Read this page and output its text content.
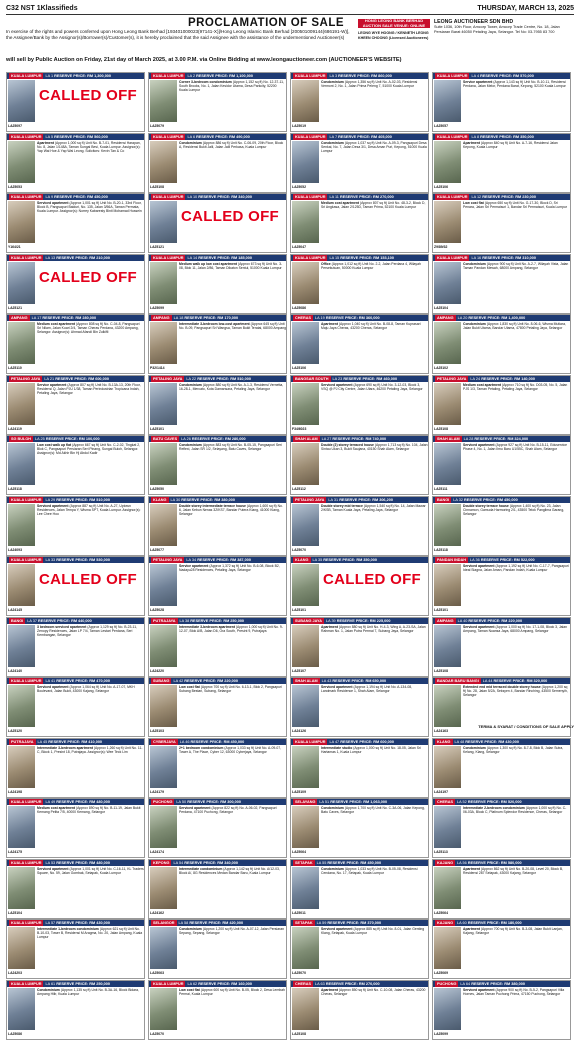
C32 NST 1Klassifieds	THURSDAY, MARCH 13, 2025
PROCLAMATION OF SALE	HONG LEONG BANK BERHAD AUCTION SALE VENUE: ONLINE
In exercise of the rights and powers conferred upon Hong Leong Bank Berhad [193401000023(97141-X)]/Hong Leong Islamic Bank Berhad [200501009144(686191-W)], the Assignee/Bank by the Assignor(s)/Borrower(s)/Customer(s), it is hereby proclaimed that the said Assignee with the assistance of the undermentioned Auctioneer(s)
LEONG WYE HOONG / KENNETH LEONG KHEEN CHOONG (Licensed Auctioneers)
LEONG AUCTIONEER SDN BHD
Suite 1036, 10th Floor, Amcorp Tower, Amcorp Trade Centre, No. 18, Jalan Persiaran Barat 46050 Petaling Jaya, Selangor. Tel No: 03-7955 83 700
will sell by Public Auction on Friday, 21st day of March 2025, at 3.00 P.M. via Online Bidding at www.leongauctioneer.com (AUCTIONEER'S WEBSITE)
KUALA LUMPUR LA 1 RESERVE PRICE: RM 1,300,000
LA25097
CALLED OFF
KUALA LUMPUR LA 5 RESERVE PRICE: RM 560,000
LA25053
Apartment (Approx 1,000 sq ft) Unit No. B-7-01, Residensi Harapan, No. 8, Jalan 1/148A, Taman Sungai Besi, Kuala Lumpur. Assignor(s): Yap Wai Hoe & Yap Wai Leong. Solicitors: Kevin Tan & Co
KUALA LUMPUR LA 9 RESERVE PRICE: RM 450,000
Y164/21
Serviced apartment (Approx 1,001 sq ft) Unit No. B-20-1, 33rd Floor, Block B, Pangsapuri Baiduri, No. 135, Jalan 3/56A, Taman Permata, Kuala Lumpur. Assignor(s): Norrey Kabaresty Binti Mohamad Hussein
KUALA LUMPUR LA 13 RESERVE PRICE: RM 210,000
LA25121
CALLED OFF
AMPANG LA 17 RESERVE PRICE: RM 280,000
LA25110
Medium cost apartment (Approx 808 sq ft) No. C-04-8, Pangsapuri Sri Nilam, Jalan Kuari 2/4, Taman Cheras Perdana, 43200 Ampang, Selangor. Assignor(s): Ahmad Afandi Bin Zulkifli
PETALING JAYA LA 21 RESERVE PRICE: RM 600,000
LA24119
Service apartment (Approx 807 sq ft) Unit No. B-13A-13, 20th Floor, Residensi Q, Jalan PJU 1/38, Taman Perindustrian Tropicana Indah, Petaling Jaya, Selangor
SG BULOH LA 25 RESERVE PRICE: RM 100,000
LA25118
Low cost walk up flat (Approx 667 sq ft) Unit No. C-2-02, Tingkat 2, Blok C, Pangsapuri Persiaran Seri Pinang, Sungai Buloh, Selangor. Assignor(s): Md Akhir Bin Hj Abdul Kadir
KUALA LUMPUR LA 29 RESERVE PRICE: RM 510,000
LA24093
Serviced apartment (Approx 887 sq ft) Unit No. A-27, Uptown Residences, Jalan Tempa Y, Wisma SPT, Kuala Lumpur. Assignor(s): Lee Chee Hoo
KUALA LUMPUR LA 33 RESERVE PRICE: RM 530,000
LA24145
CALLED OFF
BANGI LA 37 RESERVE PRICE: RM 440,000
LA24140
3 bedroom serviced apartment (Approx 1,129 sq ft) No. B-23-11, Zenopy Residences, Jalan LP 7/4, Taman Lestari Perdana, Seri Kembangan, Selangor
KUALA LUMPUR LA 41 RESERVE PRICE: RM 470,000
LA25120
Serviced apartment (Approx 1,064 sq ft) Unit No. A-17-07, MKH Boulevard, Jalan Bukit, 43000 Kajang, Selangor
PUTRAJAYA LA 45 RESERVE PRICE: RM 410,000
LA24198
Intermediate 3-bedroom apartment (Approx 1,260 sq ft) Unit No. 11-C, Block 1, Presint 18, Putrajaya. Assignor(s): Wee Teck Lim
KUALA LUMPUR LA 49 RESERVE PRICE: RM 480,000
LA24175
Medium cost apartment (Approx 890 sq ft) No. B-11-19, Jalan Bukit Kemang Pelita 7/5, 40000 Kemang, Selangor
KUALA LUMPUR LA 53 RESERVE PRICE: RM 480,000
LA25104
Serviced apartment (Approx 1,001 sq ft) Unit No. C-16-11, KL Traders Square, No. 59, Jalan Gombak, Setapak, Kuala Lumpur
KUALA LUMPUR LA 57 RESERVE PRICE: RM 430,000
LA24203
Intermediate 1-bedroom condominium (Approx 621 sq ft) Unit No. B-10-03, Tower B, Residensi M Aragma, No. 20, Jalan Ampang, Kuala Lumpur
KUALA LUMPUR LA 61 RESERVE PRICE: RM 250,000
LA25086
Condominium (Approx 1,135 sq ft) Unit No. B-3A-16, Block Bidara, Ampang Hilir, Kuala Lumpur
KUALA LUMPUR LA 2 RESERVE PRICE: RM 1,100,000
LA25079
Corner 3-bedroom condominium (Approx 1,152 sq ft) No. 12-37-11, South Brooks, No. 1, Jalan Kesidor Utama, Desa Parkcity, 52200 Kuala Lumpur
KUALA LUMPUR LA 6 RESERVE PRICE: RM 490,000
LA25108
Condominium (Approx 886 sq ft) Unit No. C-06-09, 20th Floor, Block A, Residensi Bukit Jalil, Jalan Jalil Perkasa, Kuala Lumpur
KUALA LUMPUR LA 10 RESERVE PRICE: RM 340,000
LA25121
CALLED OFF
KUALA LUMPUR LA 14 RESERVE PRICE: RM 185,000
LA25099
Medium walk up low cost apartment (Approx 673 sq ft) Unit No. 3-08, Blok 11, Jalan 2/86, Taman Dikaton Sentul, 51000 Kuala Lumpur
AMPANG LA 18 RESERVE PRICE: RM 170,000
P32/1414
Intermediate 3-bedroom low-cost apartment (Approx 645 sq ft) Unit No. B-09, Pangsapuri Sri Wangsa, Taman Bukit Teratai, 68000 Ampang
PETALING JAYA LA 22 RESERVE PRICE: RM 510,000
LA25101
Condominium (Approx 880 sq ft) Unit No. A-1-3, Residensi Vernetta, 16-28-1, Mercato, Kota Damansara, Petaling Jaya, Selangor
BATU CAVES LA 26 RESERVE PRICE: RM 280,000
LA25050
Condominium (Approx 883 sq ft) Unit No. B-05-15, Pangsapuri Seri Reflexi, Jalan SR 1/2, Selayang, Batu Caves, Selangor
KLANG LA 30 RESERVE PRICE: RM 380,000
LA25077
Double storey intermediate terrace house (Approx 1,600 sq ft) No. 6, Jalan Kebun Nenas 3Z/KS7, Bandar Putera Klang, 41000 Klang, Selangor
PETALING JAYA LA 34 RESERVE PRICE: RM 387,000
LA25028
Service apartment (Approx 1,372 sq ft) Unit No. B-6-08, Block B2, Nadayu28 Residences, Petaling Jaya, Selangor
PUTRAJAYA LA 38 RESERVE PRICE: RM 250,000
LA24220
Intermediate 3-bedroom apartment (Approx 1,000 sq ft) Unit No. 9-12-07, Blok A/B, Jalan D6, Ora South, Presint 9, Putrajaya
SUBANG LA 42 RESERVE PRICE: RM 220,000
LA25103
Low cost flat (Approx 700 sq ft) Unit No. 6-13-1, Blok 2, Pangsapuri Subang Bestari, Subang, Selangor
CYBERJAYA LA 46 RESERVE PRICE: RM 450,000
LA24179
2+1 bedroom condominium (Approx 1,033 sq ft) Unit No. A-09-07, Tower A, The Place, Cyber 12, 63000 Cyberjaya, Selangor
PUCHONG LA 50 RESERVE PRICE: RM 300,000
LA24174
Serviced apartment (Approx 822 sq ft) No. A-06-02, Pangsapuri Perdana, 47100 Puchong, Selangor
KEPONG LA 54 RESERVE PRICE: RM 340,000
LA24162
Intermediate condominium (Approx 1,142 sq ft) Unit No. A/12-03, Block A/, 8G Residences Medan Bandar Baru, Kuala Lumpur
SELANGOR LA 58 RESERVE PRICE: RM 420,000
LA25063
Condominium (Approx 1,200 sq ft) Unit No. A-07-12, Jalan Persiaran Sepang, Sepang, Selangor
KUALA LUMPUR LA 62 RESERVE PRICE: RM 160,000
LA25070
Low cost flat (Approx 600 sq ft) Unit No. B-05, Block 2, Desa Lembah Permai, Kuala Lumpur
KUALA LUMPUR LA 3 RESERVE PRICE: RM 860,000
LA25019
Condominium (Approx 1,356 sq ft) Unit No. A-02-03, Residensi Vermont 2, No. 1, Jalan Prima Peleng 7, 51000 Kuala Lumpur
KUALA LUMPUR LA 7 RESERVE PRICE: RM 405,000
LA25052
Condominium (Approx 1,037 sq ft) Unit No. A-09-3, Pangsapuri Desa Senkai, No. 7, Jalan Desa 3/1, Desa Aman Puri, Kepong, 51000 Kuala Lumpur
KUALA LUMPUR LA 11 RESERVE PRICE: RM 270,000
LA25047
Medium cost apartment (Approx 807 sq ft) Unit No. 48-3-2, Block D, Sri Angkasa, Jalan 2/125D, Taman Prima, 52100 Kuala Lumpur
KUALA LUMPUR LA 15 RESERVE PRICE: RM 153,100
LA25086
Office (Approx 1,012 sq ft) Unit No. 2-2, Jalan Perdana 4, Wilayah Persekutuan, 50000 Kuala Lumpur
CHERAS LA 19 RESERVE PRICE: RM 360,000
LA25106
Apartment (Approx 1,040 sq ft) Unit No. B-08-8, Taman Kuprasari Maju Jaya Cheras, 43200 Cheras, Selangor
BANGSAR SOUTH LA 23 RESERVE PRICE: RM 460,000
F34/6023
Serviced apartment (Approx 690 sq ft) Unit No. 3-12-03, Block 3, VSQ @ PJ City Centre, Jalan Utara, 46200 Petaling Jaya, Selangor
SHAH ALAM LA 27 RESERVE PRICE: RM 740,000
LA25112
Double (2) storey terraced house (Approx 1,713 sq ft) No. 104, Jalan Sintau Ukan 3, Bukit Saujana, 40150 Shah Alam, Selangor
PETALING JAYA LA 31 RESERVE PRICE: RM 306,200
LA25070
Double storey mid terrace (Approx 1,540 sq ft) No. 14, Jalan Mawar 2/KSB, Taman Kuala Jaya, Petaling Jaya, Selangor
KLANG LA 35 RESERVE PRICE: RM 350,000
LA25101
CALLED OFF
SUBANG JAYA LA 39 RESERVE PRICE: RM 225,000
LA25107
Apartment (Approx 880 sq ft) Unit No. H-4-3, Wing A, A-23-SA, Jalan Rahman No. 1, Jalan Putra Permai 7, Subang Jaya, Selangor
SHAH ALAM LA 43 RESERVE PRICE: RM 650,000
LA24126
Serviced apartment (Approx 1,194 sq ft) Unit No. A-134-08, Landmark Residence 1, Shah Alam, Selangor
KUALA LUMPUR LA 47 RESERVE PRICE: RM 600,000
LA25109
Intermediate studio (Approx 1,000 sq ft) Unit No. 18-05, Jalan Sri Hartamas 1, Kuala Lumpur
SELAYANG LA 51 RESERVE PRICE: RM 1,063,000
LA25064
Condominium (Approx 1,700 sq ft) Unit No. C-3A-06, Jalan Kepong, Batu Caves, Selangor
SETAPAK LA 55 RESERVE PRICE: RM 450,000
LA25011
Condominium (Approx 1,033 sq ft) Unit No. B-05-08, Residensi Cendana, No. 17, Setapak, Kuala Lumpur
SETAPAK LA 59 RESERVE PRICE: RM 370,000
LA25070
Serviced apartment (Approx 885 sq ft) Unit No. 8-01, Jalan Genting Klang, Setapak, Kuala Lumpur
CHERAS LA 63 RESERVE PRICE: RM 270,000
LA25108
Apartment (Approx 850 sq ft) Unit No. C-10-08, Jalan Cheras, 43200 Cheras, Selangor
KUALA LUMPUR LA 4 RESERVE PRICE: RM 570,000
LA25057
Service apartment (Approx 1,143 sq ft) Unit No. B-10-11, Residensi Perdana, Jalan Melor, Perdana Barat, Kepong, 52100 Kuala Lumpur
KUALA LUMPUR LA 8 RESERVE PRICE: RM 350,000
LA25106
Apartment (Approx 840 sq ft) Unit No. A-7-16, Residensi Jalan Kepong, Kuala Lumpur
KUALA LUMPUR LA 12 RESERVE PRICE: RM 230,000
Z9/89/32
Low cost flat (Approx 650 sq ft) Unit No. G-17-30, Block D, Sri Penara, Jalan Sri Permaisuri 1, Bandar Sri Permaisuri, Kuala Lumpur
KUALA LUMPUR LA 16 RESERVE PRICE: RM 310,000
LA25104
Condominium (Approx 900 sq ft) Unit No. A-2-7, Wilayah Vista, Jalan Taman Pandan Mewah, 68000 Ampang, Selangor
AMPANG LA 20 RESERVE PRICE: RM 1,400,000
LA25102
Condominium (Approx 1,830 sq ft) Unit No. 8-06-6, Wisma Mutiara, Jalan Bukit Utama, Bandar Utama, 47800 Petaling Jaya, Selangor
PETALING JAYA LA 24 RESERVE PRICE: RM 140,000
LA25108
Medium cost apartment (Approx 710 sq ft) No. D03-05, No. 5, Jalan PJS 1/3, Taman Petaling, Petaling Jaya, Selangor
SHAH ALAM LA 28 RESERVE PRICE: RM 324,000
LA25111
Serviced apartment (Approx 927 sq ft) Unit No. B-15-11, Eduservice Phase 4, No. 1, Jalan Ilmu Baru U1/55C, Shah Alam, Selangor
BANGI LA 32 RESERVE PRICE: RM 450,000
LA25118
Double storey terrace house (Approx 1,400 sq ft) No. 23, Jalan Cinnamon, Gamuda Harmoring 2/1, 43500 Telok Panglima Garang, Selangor
PANDAN INDAH LA 36 RESERVE PRICE: RM 522,000
LA25101
Serviced apartment (Approx 1,192 sq ft) Unit No. C-17-7, Pangsapuri Ideal Siagna, Jalan Aman, Pandan Indah, Kuala Lumpur
AMPANG LA 40 RESERVE PRICE: RM 220,000
LA25108
Serviced apartment (Approx 1,000 sq ft) No. 17-1-08, Block 3, Jalan Ampang, Taman Nuansa Jaya, 68000 Ampang, Selangor
BANDAR BARU BANGI LA 44 RESERVE PRICE: RM 320,000
LA24163
Extended end mid terraced double storey house (Approx 1,200 sq ft) No. 28, Jalan 5/2A, Seksyen 4, Bandar Rinching, 43500 Semenyih, Selangor
KLANG LA 48 RESERVE PRICE: RM 430,000
LA24197
Condominium (Approx 1,300 sq ft) No. 8-7-8, Blok B, Jalan Sutra, Kelang, Klang, Selangor
CHERAS LA 52 RESERVE PRICE: RM 520,000
LA25113
Intermediate 2-bedroom condominium (Approx 1,000 sq ft) No. C-06-03A, Block C, Platinum Splendor Residence, Cheras, Selangor
KAJANG LA 56 RESERVE PRICE: RM 580,000
LA25064
Apartment (Approx 862 sq ft) Unit No. B-20-08, Level 20, Block B, Residensi 287 Selapak, 43000 Kajang, Selangor
KAJANG LA 60 RESERVE PRICE: RM 180,000
LA25069
Apartment (Approx 700 sq ft) Unit No. B-3-08, Jalan Bukit Lanjan, Kajang, Selangor
PUCHONG LA 64 RESERVE PRICE: RM 380,000
LA25099
Serviced apartment (Approx 900 sq ft) No. B-5-2, Pangsapuri Villa Hornes, Jalan Taman Puchong Prima, 47150 Puchong, Selangor
TERMA & SYARAT / CONDITIONS OF SALE APPLY
